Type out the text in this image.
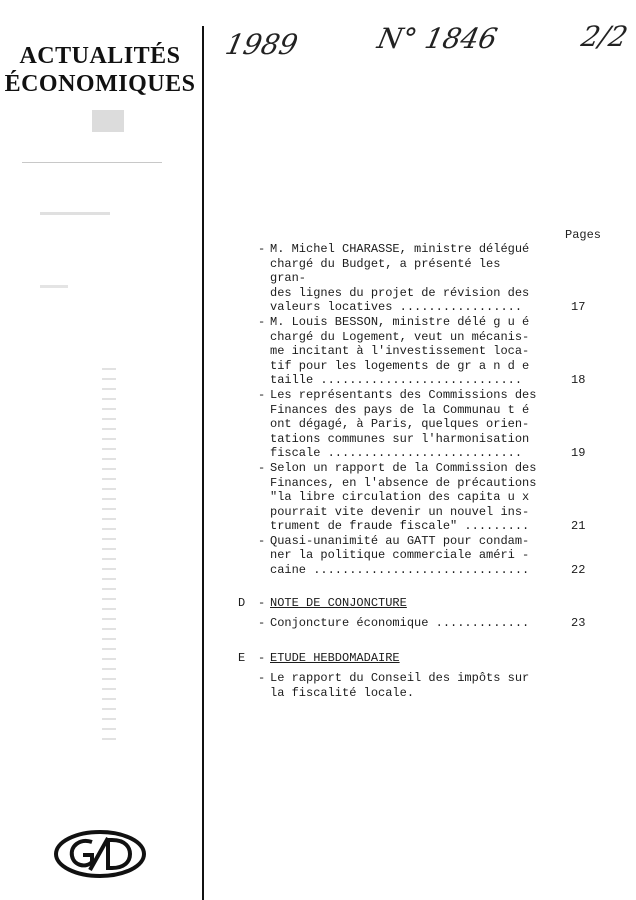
ACTUALITÉS
ÉCONOMIQUES
1989	N° 1846	2/2
Pages
- M. Michel CHARASSE, ministre délégué
chargé du Budget, a présenté les gran-
des lignes du projet de révision des
valeurs locatives .................	17
- M. Louis BESSON, ministre délé g u é
chargé du Logement, veut un mécanis-
me incitant à l'investissement loca-
tif pour les logements de gr a n d e
taille ............................	18
- Les représentants des Commissions des
Finances des pays de la Communau t é
ont dégagé, à Paris, quelques orien-
tations communes sur l'harmonisation
fiscale ...........................	19
- Selon un rapport de la Commission des
Finances, en l'absence de précautions
"la libre circulation des capita u x
pourrait vite devenir un nouvel ins-
trument de fraude fiscale" .........	21
- Quasi-unanimité au GATT pour condam-
ner la politique commerciale améri -
caine ..............................	22
D - NOTE DE CONJONCTURE
- Conjoncture économique .............	23
E - ETUDE HEBDOMADAIRE
- Le rapport du Conseil des impôts sur
la fiscalité locale.
